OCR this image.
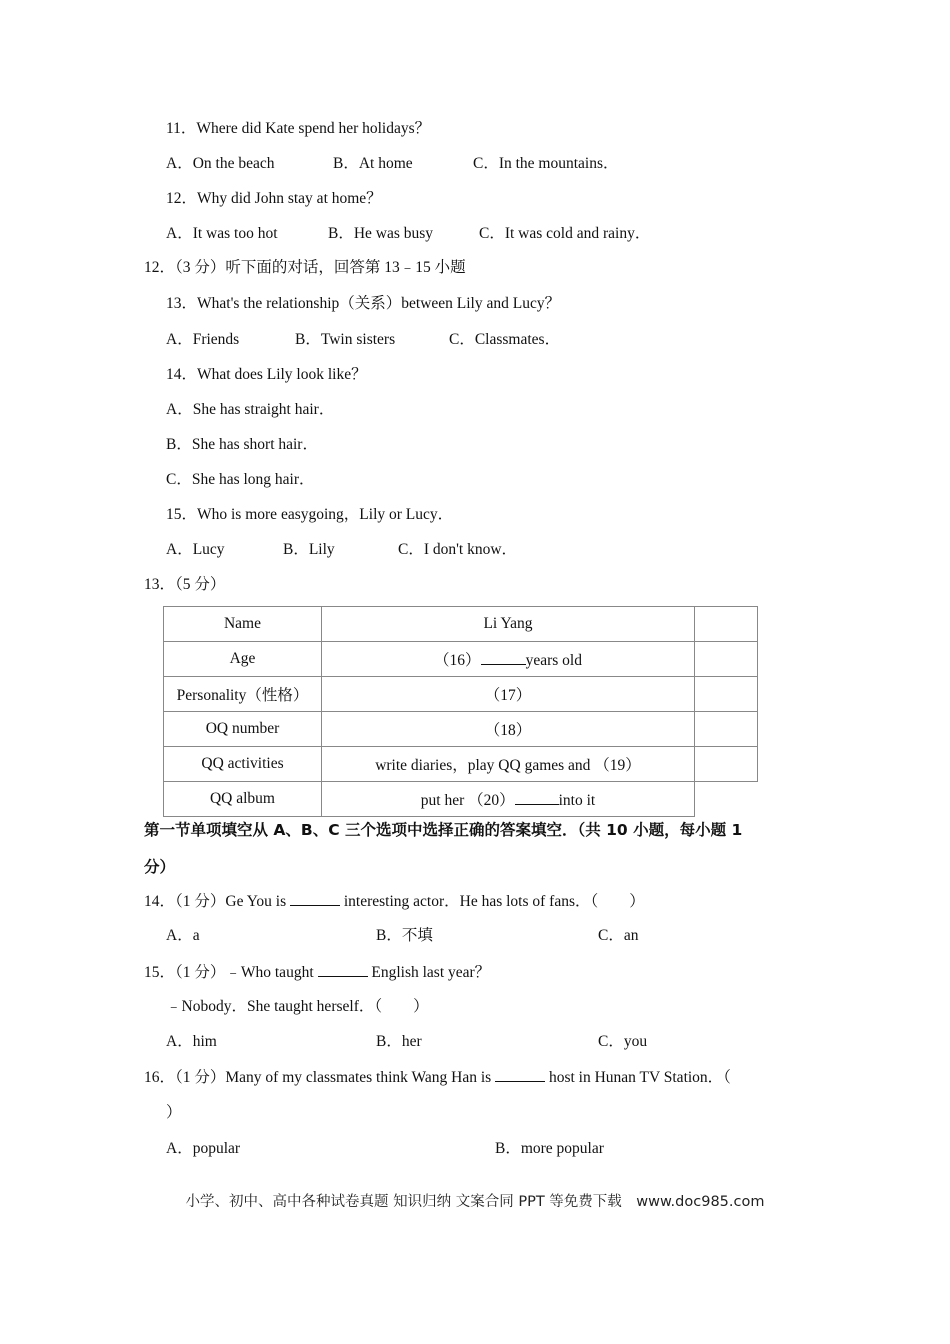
11．Where did Kate spend her holidays？
A．On the beach	B．At home	C．In the mountains．
12．Why did John stay at home？
A．It was too hot	B．He was busy	C．It was cold and rainy．
12．（3 分）听下面的对话，回答第 13﹣15 小题
13．What's the relationship（关系）between Lily and Lucy？
A．Friends	B．Twin sisters	C．Classmates．
14．What does Lily look like？
A．She has straight hair．
B．She has short hair．
C．She has long hair．
15．Who is more easygoing，Lily or Lucy．
A．Lucy	B．Lily	C．I don't know．
13．（5 分）
Name	Li Yang	
Age	（16） years old	
Personality（性格）	（17）	
OQ number	（18）	
QQ activities	write diaries，play QQ games and （19）	
QQ album	put her （20） into it	
第一节单项填空从 A、B、C 三个选项中选择正确的答案填空．（共 10 小题，每小题 1
分）
14．（1 分）Ge You is	interesting actor．He has lots of fans．（　　）
A．a	B．不填	C．an
15．（1 分）﹣Who taught	English last year？
﹣Nobody．She taught herself．（　　）
A．him	B．her	C．you
16．（1 分）Many of my classmates think Wang Han is	host in Hunan TV Station．（
）
A．popular	B．more popular
小学、初中、高中各种试卷真题 知识归纳 文案合同 PPT 等免费下载　www.doc985.com
